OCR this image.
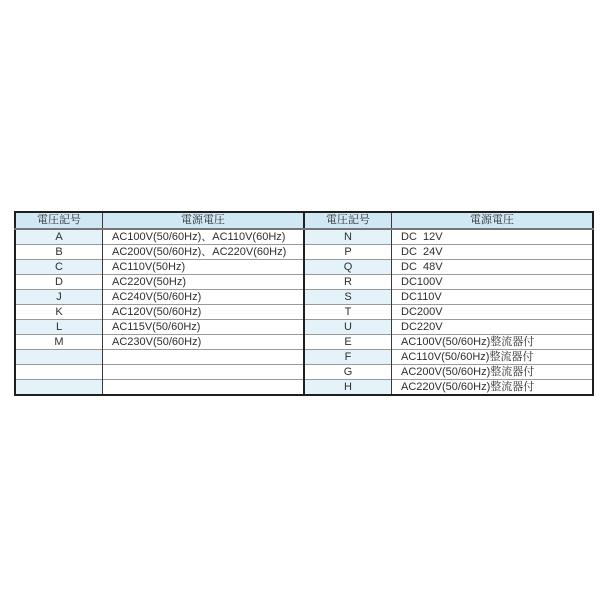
電圧記号	電源電圧
A	AC100V(50/60Hz)、AC110V(60Hz)
B	AC200V(50/60Hz)、AC220V(60Hz)
C	AC110V(50Hz)
D	AC220V(50Hz)
J	AC240V(50/60Hz)
K	AC120V(50/60Hz)
L	AC115V(50/60Hz)
M	AC230V(50/60Hz)

電圧記号	電源電圧
N	DC  12V
P	DC  24V
Q	DC  48V
R	DC100V
S	DC110V
T	DC200V
U	DC220V
E	AC100V(50/60Hz)整流器付
F	AC110V(50/60Hz)整流器付
G	AC200V(50/60Hz)整流器付
H	AC220V(50/60Hz)整流器付
